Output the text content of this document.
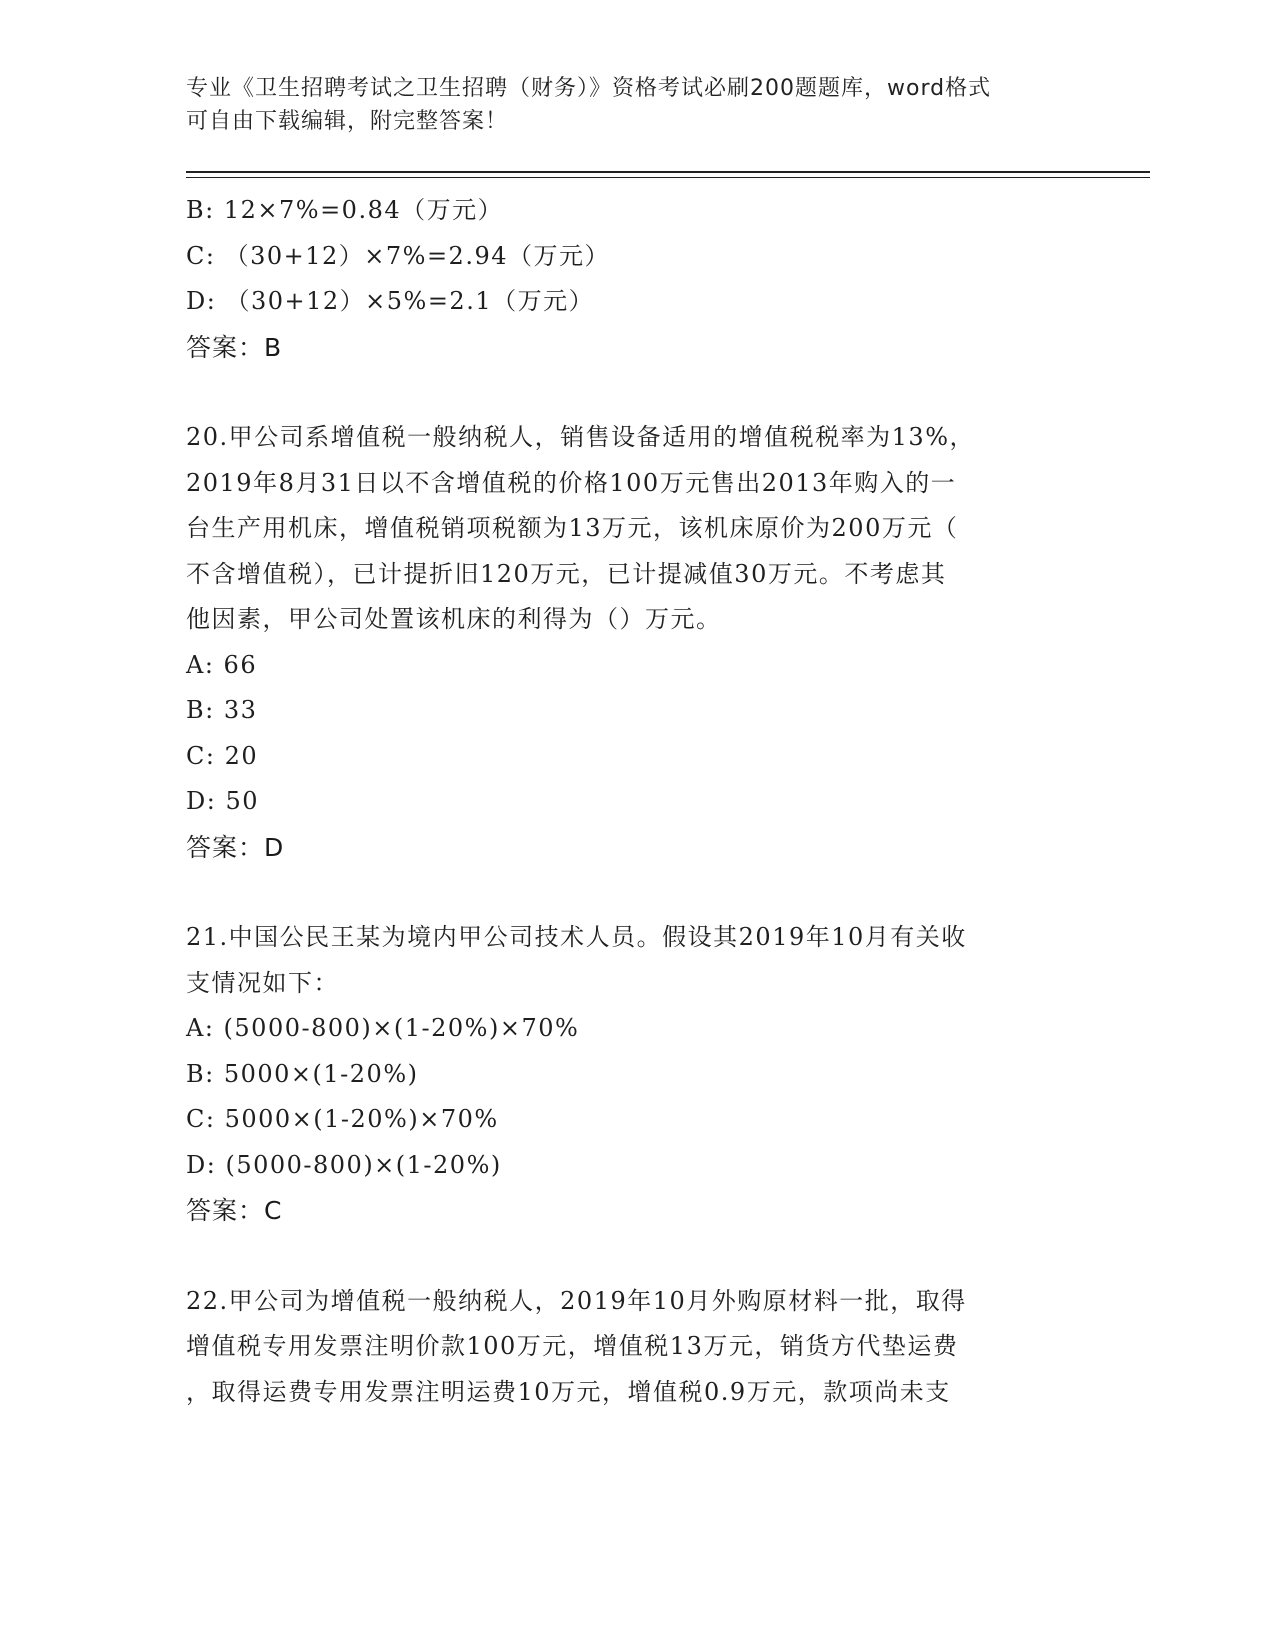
专业《卫生招聘考试之卫生招聘（财务）》资格考试必刷200题题库，word格式
可自由下载编辑，附完整答案！
B: 12×7%=0.84（万元）
C: （30+12）×7%=2.94（万元）
D: （30+12）×5%=2.1（万元）
答案：B
20.甲公司系增值税一般纳税人，销售设备适用的增值税税率为13%，
2019年8月31日以不含增值税的价格100万元售出2013年购入的一
台生产用机床，增值税销项税额为13万元，该机床原价为200万元（
不含增值税），已计提折旧120万元，已计提减值30万元。不考虑其
他因素，甲公司处置该机床的利得为（）万元。
A: 66
B: 33
C: 20
D: 50
答案：D
21.中国公民王某为境内甲公司技术人员。假设其2019年10月有关收
支情况如下：
A: (5000-800)×(1-20%)×70%
B: 5000×(1-20%)
C: 5000×(1-20%)×70%
D: (5000-800)×(1-20%)
答案：C
22.甲公司为增值税一般纳税人，2019年10月外购原材料一批，取得
增值税专用发票注明价款100万元，增值税13万元，销货方代垫运费
，取得运费专用发票注明运费10万元，增值税0.9万元，款项尚未支
